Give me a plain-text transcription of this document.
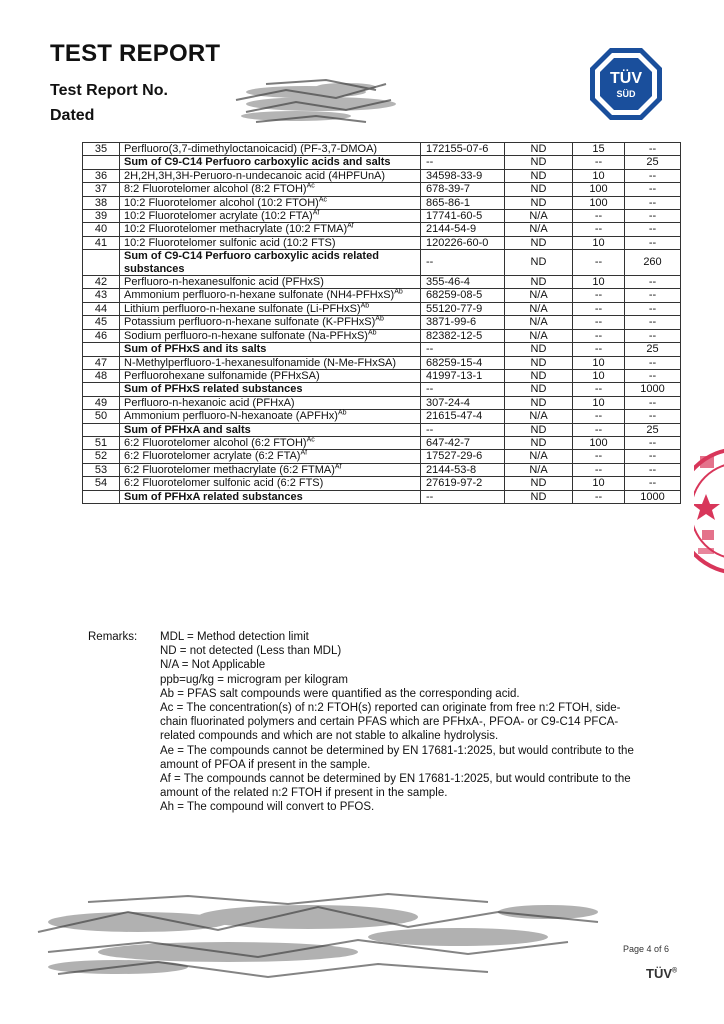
TEST REPORT
Test Report No.
Dated
TÜV
SÜD
35	Perfluoro(3,7-dimethyloctanoicacid) (PF-3,7-DMOA)	172155-07-6	ND	15	--
	Sum of C9-C14 Perfuoro carboxylic acids and salts	--	ND	--	25
36	2H,2H,3H,3H-Peruoro-n-undecanoic acid (4HPFUnA)	34598-33-9	ND	10	--
37	8:2 Fluorotelomer alcohol (8:2 FTOH)$^{Ac}$	678-39-7	ND	100	--
38	10:2 Fluorotelomer alcohol (10:2 FTOH)$^{Ac}$	865-86-1	ND	100	--
39	10:2 Fluorotelomer acrylate (10:2 FTA)$^{Af}$	17741-60-5	N/A	--	--
40	10:2 Fluorotelomer methacrylate (10:2 FTMA)$^{Af}$	2144-54-9	N/A	--	--
41	10:2 Fluorotelomer sulfonic acid (10:2 FTS)	120226-60-0	ND	10	--
	Sum of C9-C14 Perfuoro carboxylic acids related substances	--	ND	--	260
42	Perfluoro-n-hexanesulfonic acid (PFHxS)	355-46-4	ND	10	--
43	Ammonium perfluoro-n-hexane sulfonate (NH4-PFHxS)$^{Ab}$	68259-08-5	N/A	--	--
44	Lithium perfluoro-n-hexane sulfonate (Li-PFHxS)$^{Ab}$	55120-77-9	N/A	--	--
45	Potassium perfluoro-n-hexane sulfonate (K-PFHxS)$^{Ab}$	3871-99-6	N/A	--	--
46	Sodium perfluoro-n-hexane sulfonate (Na-PFHxS)$^{Ab}$	82382-12-5	N/A	--	--
	Sum of PFHxS and its salts	--	ND	--	25
47	N-Methylperfluoro-1-hexanesulfonamide (N-Me-FHxSA)	68259-15-4	ND	10	--
48	Perfluorohexane sulfonamide (PFHxSA)	41997-13-1	ND	10	--
	Sum of PFHxS related substances	--	ND	--	1000
49	Perfluoro-n-hexanoic acid (PFHxA)	307-24-4	ND	10	--
50	Ammonium perfluoro-N-hexanoate (APFHx)$^{Ab}$	21615-47-4	N/A	--	--
	Sum of PFHxA and salts	--	ND	--	25
51	6:2 Fluorotelomer alcohol (6:2 FTOH)$^{Ac}$	647-42-7	ND	100	--
52	6:2 Fluorotelomer acrylate (6:2 FTA)$^{Af}$	17527-29-6	N/A	--	--
53	6:2 Fluorotelomer methacrylate (6:2 FTMA)$^{Af}$	2144-53-8	N/A	--	--
54	6:2 Fluorotelomer sulfonic acid (6:2 FTS)	27619-97-2	ND	10	--
	Sum of PFHxA related substances	--	ND	--	1000
Remarks: MDL = Method detection limit
ND = not detected (Less than MDL)
N/A = Not Applicable
ppb=ug/kg = microgram per kilogram
Ab = PFAS salt compounds were quantified as the corresponding acid.
Ac = The concentration(s) of n:2 FTOH(s) reported can originate from free n:2 FTOH, side-
chain fluorinated polymers and certain PFAS which are PFHxA-, PFOA- or C9-C14 PFCA-
related compounds and which are not stable to alkaline hydrolysis.
Ae = The compounds cannot be determined by EN 17681-1:2025, but would contribute to the
amount of PFOA if present in the sample.
Af = The compounds cannot be determined by EN 17681-1:2025, but would contribute to the
amount of the related n:2 FTOH if present in the sample.
Ah = The compound will convert to PFOS.
Page 4 of 6
TÜV®
